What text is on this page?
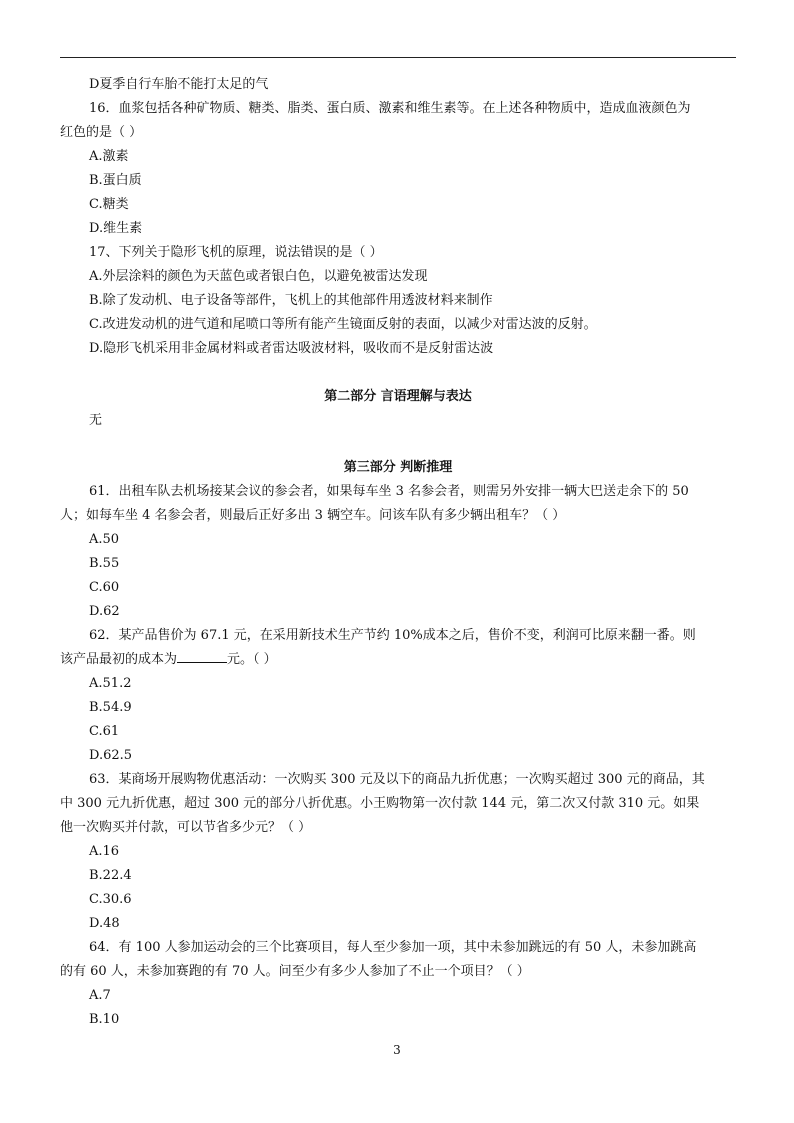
D夏季自行车胎不能打太足的气
16．血浆包括各种矿物质、糖类、脂类、蛋白质、激素和维生素等。在上述各种物质中，造成血液颜色为
红色的是（ ）
A.激素
B.蛋白质
C.糖类
D.维生素
17、下列关于隐形飞机的原理，说法错误的是（ ）
A.外层涂料的颜色为天蓝色或者银白色，以避免被雷达发现
B.除了发动机、电子设备等部件，飞机上的其他部件用透波材料来制作
C.改进发动机的进气道和尾喷口等所有能产生镜面反射的表面，以减少对雷达波的反射。
D.隐形飞机采用非金属材料或者雷达吸波材料，吸收而不是反射雷达波
第二部分 言语理解与表达
无
第三部分 判断推理
61．出租车队去机场接某会议的参会者，如果每车坐 3 名参会者，则需另外安排一辆大巴送走余下的 50
人；如每车坐 4 名参会者，则最后正好多出 3 辆空车。问该车队有多少辆出租车？（ ）
A.50
B.55
C.60
D.62
62．某产品售价为 67.1 元，在采用新技术生产节约 10%成本之后，售价不变，利润可比原来翻一番。则
该产品最初的成本为	元。（ ）
A.51.2
B.54.9
C.61
D.62.5
63．某商场开展购物优惠活动：一次购买 300 元及以下的商品九折优惠；一次购买超过 300 元的商品，其
中 300 元九折优惠，超过 300 元的部分八折优惠。小王购物第一次付款 144 元，第二次又付款 310 元。如果
他一次购买并付款，可以节省多少元？（ ）
A.16
B.22.4
C.30.6
D.48
64．有 100 人参加运动会的三个比赛项目，每人至少参加一项，其中未参加跳远的有 50 人，未参加跳高
的有 60 人，未参加赛跑的有 70 人。问至少有多少人参加了不止一个项目？（ ）
A.7
B.10
3
